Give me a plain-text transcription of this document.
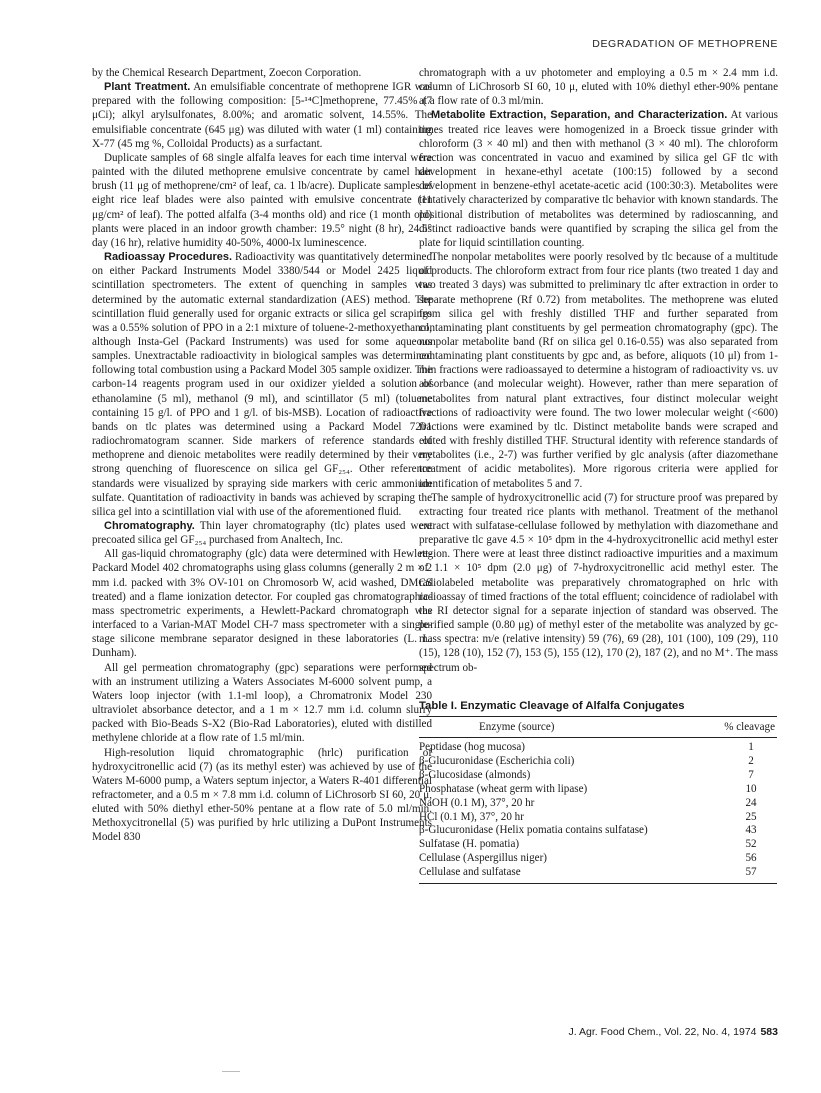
DEGRADATION OF METHOPRENE

by the Chemical Research Department, Zoecon Corporation.

Plant Treatment. An emulsifiable concentrate of methoprene IGR was prepared with the following composition: [5-¹⁴C]methoprene, 77.45% (7 μCi); alkyl arylsulfonates, 8.00%; and aromatic solvent, 14.55%. The emulsifiable concentrate (645 μg) was diluted with water (1 ml) containing X-77 (45 mg %, Colloidal Products) as a surfactant.

Duplicate samples of 68 single alfalfa leaves for each time interval were painted with the diluted methoprene emulsive concentrate by camel hair brush (11 μg of methoprene/cm² of leaf, ca. 1 lb/acre). Duplicate samples of eight rice leaf blades were also painted with emulsive concentrate (11 μg/cm² of leaf). The potted alfalfa (3-4 months old) and rice (1 month old) plants were placed in an indoor growth chamber: 19.5° night (8 hr), 24.5° day (16 hr), relative humidity 40-50%, 4000-lx luminescence.

Radioassay Procedures. Radioactivity was quantitatively determined on either Packard Instruments Model 3380/544 or Model 2425 liquid scintillation spectrometers. The extent of quenching in samples was determined by the automatic external standardization (AES) method. The scintillation fluid generally used for organic extracts or silica gel scrapings was a 0.55% solution of PPO in a 2:1 mixture of toluene-2-methoxyethanol, although Insta-Gel (Packard Instruments) was used for some aqueous samples. Unextractable radioactivity in biological samples was determined following total combustion using a Packard Model 305 sample oxidizer. The carbon-14 reagents program used in our oxidizer yielded a solution of ethanolamine (5 ml), methanol (9 ml), and scintillator (5 ml) (toluene containing 15 g/l. of PPO and 1 g/l. of bis-MSB). Location of radioactive bands on tlc plates was determined using a Packard Model 7201 radiochromatogram scanner. Side markers of reference standards of methoprene and dienoic metabolites were readily determined by their very strong quenching of fluorescence on silica gel GF₂₅₄. Other reference standards were visualized by spraying side markers with ceric ammonium sulfate. Quantitation of radioactivity in bands was achieved by scraping the silica gel into a scintillation vial with use of the aforementioned fluid.

Chromatography. Thin layer chromatography (tlc) plates used were precoated silica gel GF₂₅₄ purchased from Analtech, Inc.

All gas-liquid chromatography (glc) data were determined with Hewlett-Packard Model 402 chromatographs using glass columns (generally 2 m × 2 mm i.d. packed with 3% OV-101 on Chromosorb W, acid washed, DMCS treated) and a flame ionization detector. For coupled gas chromatographic-mass spectrometric experiments, a Hewlett-Packard chromatograph was interfaced to a Varian-MAT Model CH-7 mass spectrometer with a single-stage silicone membrane separator designed in these laboratories (L. L. Dunham).

All gel permeation chromatography (gpc) separations were performed with an instrument utilizing a Waters Associates M-6000 solvent pump, a Waters loop injector (with 1.1-ml loop), a Chromatronix Model 230 ultraviolet absorbance detector, and a 1 m × 12.7 mm i.d. column slurry packed with Bio-Beads S-X2 (Bio-Rad Laboratories), eluted with distilled methylene chloride at a flow rate of 1.5 ml/min.

High-resolution liquid chromatographic (hrlc) purification of hydroxycitronellic acid (7) (as its methyl ester) was achieved by use of the Waters M-6000 pump, a Waters septum injector, a Waters R-401 differential refractometer, and a 0.5 m × 7.8 mm i.d. column of LiChrosorb SI 60, 20 μ, eluted with 50% diethyl ether-50% pentane at a flow rate of 5.0 ml/min. Methoxycitronellal (5) was purified by hrlc utilizing a DuPont Instruments Model 830

chromatograph with a uv photometer and employing a 0.5 m × 2.4 mm i.d. column of LiChrosorb SI 60, 10 μ, eluted with 10% diethyl ether-90% pentane at a flow rate of 0.3 ml/min.

Metabolite Extraction, Separation, and Characterization. At various times treated rice leaves were homogenized in a Broeck tissue grinder with chloroform (3 × 40 ml) and then with methanol (3 × 40 ml). The chloroform fraction was concentrated in vacuo and examined by silica gel GF tlc with development in hexane-ethyl acetate (100:15) followed by a second development in benzene-ethyl acetate-acetic acid (100:30:3). Metabolites were tentatively characterized by comparative tlc behavior with known standards. The positional distribution of metabolites was determined by radioscanning, and distinct radioactive bands were quantified by scraping the silica gel from the plate for liquid scintillation counting.

The nonpolar metabolites were poorly resolved by tlc because of a multitude of products. The chloroform extract from four rice plants (two treated 1 day and two treated 3 days) was submitted to preliminary tlc after extraction in order to separate methoprene (Rf 0.72) from metabolites. The methoprene was eluted from silica gel with freshly distilled THF and further separated from contaminating plant constituents by gel permeation chromatography (gpc). The nonpolar metabolite band (Rf on silica gel 0.16-0.55) was also separated from contaminating plant constituents by gpc and, as before, aliquots (10 μl) from 1-min fractions were radioassayed to determine a histogram of radioactivity vs. uv absorbance (and molecular weight). However, rather than mere separation of metabolites from natural plant extractives, four distinct molecular weight fractions of radioactivity were found. The two lower molecular weight (<600) fractions were examined by tlc. Distinct metabolite bands were scraped and eluted with freshly distilled THF. Structural identity with reference standards of metabolites (i.e., 2-7) was further verified by glc analysis (after diazomethane treatment of acidic metabolites). More rigorous criteria were applied for identification of metabolites 5 and 7.

The sample of hydroxycitronellic acid (7) for structure proof was prepared by extracting four treated rice plants with methanol. Treatment of the methanol extract with sulfatase-cellulase followed by methylation with diazomethane and preparative tlc gave 4.5 × 10⁵ dpm in the 4-hydroxycitronellic acid methyl ester region. There were at least three distinct radioactive impurities and a maximum of 1.1 × 10⁵ dpm (2.0 μg) of 7-hydroxycitronellic acid methyl ester. The radiolabeled metabolite was preparatively chromatographed on hrlc with radioassay of timed fractions of the total effluent; coincidence of radiolabel with the RI detector signal for a separate injection of standard was observed. The purified sample (0.80 μg) of methyl ester of the metabolite was analyzed by gc-mass spectra: m/e (relative intensity) 59 (76), 69 (28), 101 (100), 109 (29), 110 (15), 128 (10), 152 (7), 153 (5), 155 (12), 170 (2), 187 (2), and no M⁺. The mass spectrum ob-

Table I. Enzymatic Cleavage of Alfalfa Conjugates
Enzyme (source)	% cleavage
Peptidase (hog mucosa)	1
β-Glucuronidase (Escherichia coli)	2
β-Glucosidase (almonds)	7
Phosphatase (wheat germ with lipase)	10
NaOH (0.1 M), 37°, 20 hr	24
HCl (0.1 M), 37°, 20 hr	25
β-Glucuronidase (Helix pomatia contains sulfatase)	43
Sulfatase (H. pomatia)	52
Cellulase (Aspergillus niger)	56
Cellulase and sulfatase	57
J. Agr. Food Chem., Vol. 22, No. 4, 1974 583
